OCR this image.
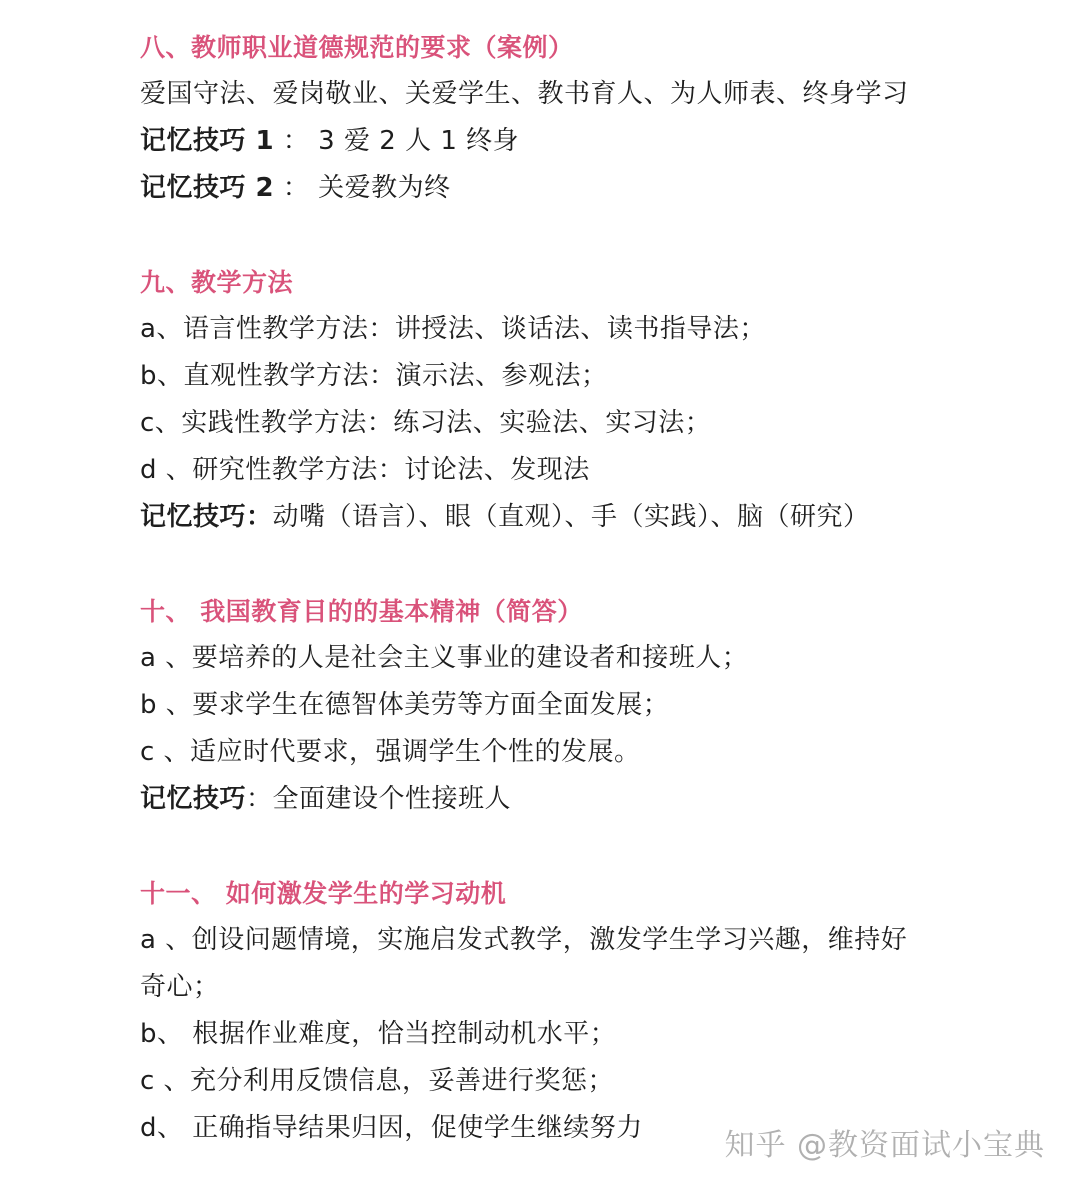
八、教师职业道德规范的要求（案例）
爱国守法、爱岗敬业、关爱学生、教书育人、为人师表、终身学习
记忆技巧 1 ： 3 爱 2 人 1 终身
记忆技巧 2 ： 关爱教为终
九、教学方法
a、语言性教学方法：讲授法、谈话法、读书指导法；
b、直观性教学方法：演示法、参观法；
c、实践性教学方法：练习法、实验法、实习法；
d 、研究性教学方法：讨论法、发现法
记忆技巧：动嘴（语言）、眼（直观）、手（实践）、脑（研究）
十、 我国教育目的的基本精神（简答）
a 、要培养的人是社会主义事业的建设者和接班人；
b 、要求学生在德智体美劳等方面全面发展；
c 、适应时代要求，强调学生个性的发展。
记忆技巧：全面建设个性接班人
十一、 如何激发学生的学习动机
a 、创设问题情境，实施启发式教学，激发学生学习兴趣，维持好
奇心；
b、 根据作业难度，恰当控制动机水平；
c 、充分利用反馈信息，妥善进行奖惩；
d、 正确指导结果归因，促使学生继续努力	知乎 @教资面试小宝典
